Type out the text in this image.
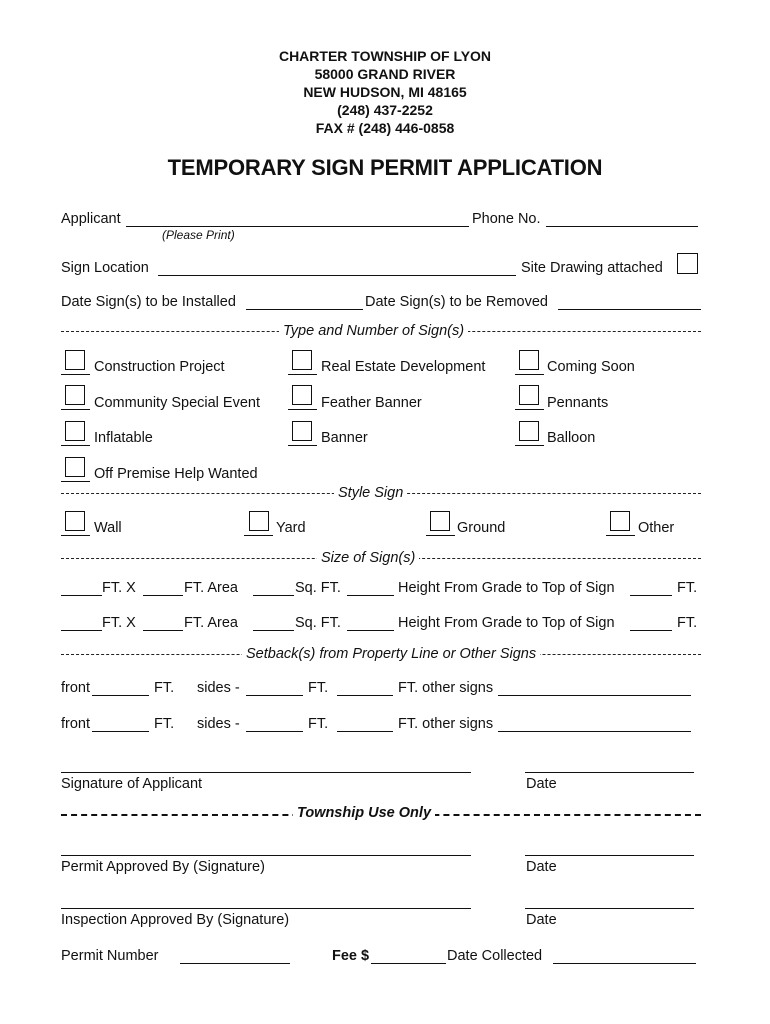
CHARTER TOWNSHIP OF LYON
58000 GRAND RIVER
NEW HUDSON, MI 48165
(248) 437-2252
FAX # (248) 446-0858
TEMPORARY SIGN PERMIT APPLICATION
Applicant	Phone No.
(Please Print)
Sign Location	Site Drawing attached
Date Sign(s) to be Installed	Date Sign(s) to be Removed
Type and Number of Sign(s)
Construction Project	Real Estate Development	Coming Soon
Community Special Event	Feather Banner	Pennants
Inflatable	Banner	Balloon
Off Premise Help Wanted
Style Sign
Wall	Yard	Ground	Other
Size of Sign(s)
FT. X	FT. Area	Sq. FT.	Height From Grade to Top of Sign	FT.
FT. X	FT. Area	Sq. FT.	Height From Grade to Top of Sign	FT.
Setback(s) from Property Line or Other Signs
front	FT. sides -	FT.	FT. other signs
front	FT. sides -	FT.	FT. other signs
Signature of Applicant	Date
Township Use Only
Permit Approved By (Signature)	Date
Inspection Approved By (Signature)	Date
Permit Number	Fee $	Date Collected
